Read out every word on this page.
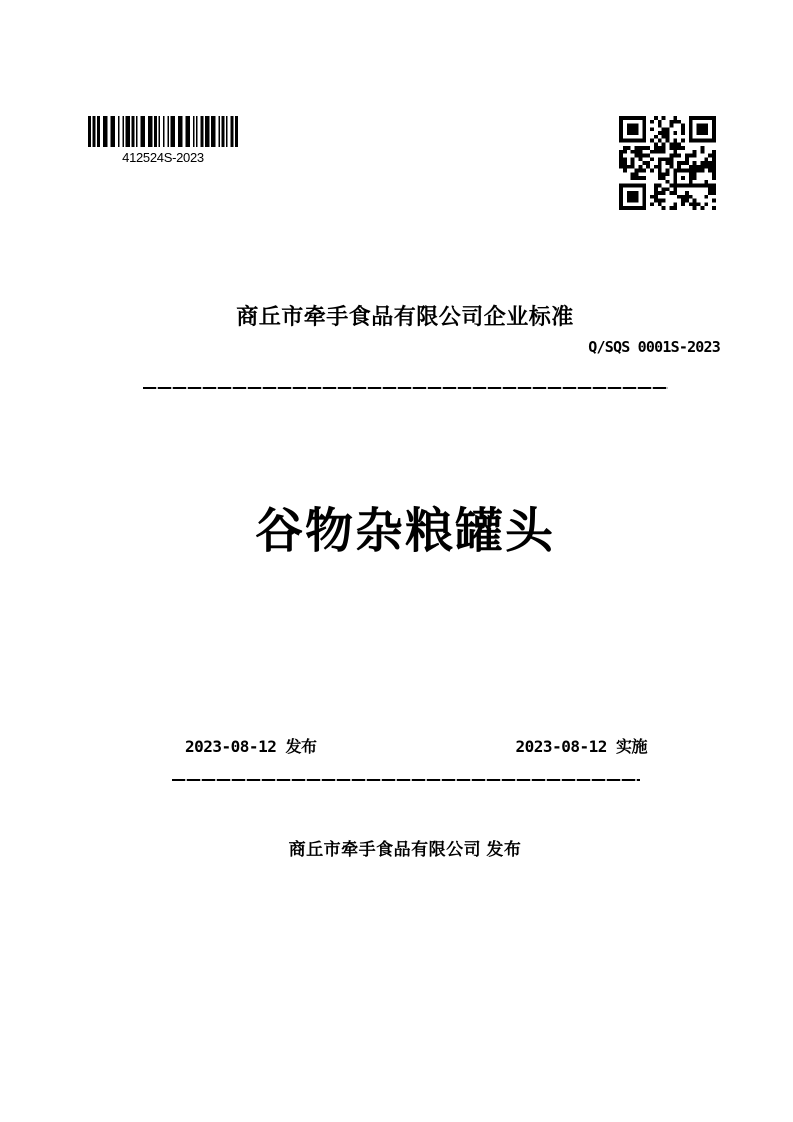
412524S-2023
商丘市牵手食品有限公司企业标准
Q/SQS 0001S-2023
谷物杂粮罐头
2023-08-12 发布	2023-08-12 实施
商丘市牵手食品有限公司 发布
